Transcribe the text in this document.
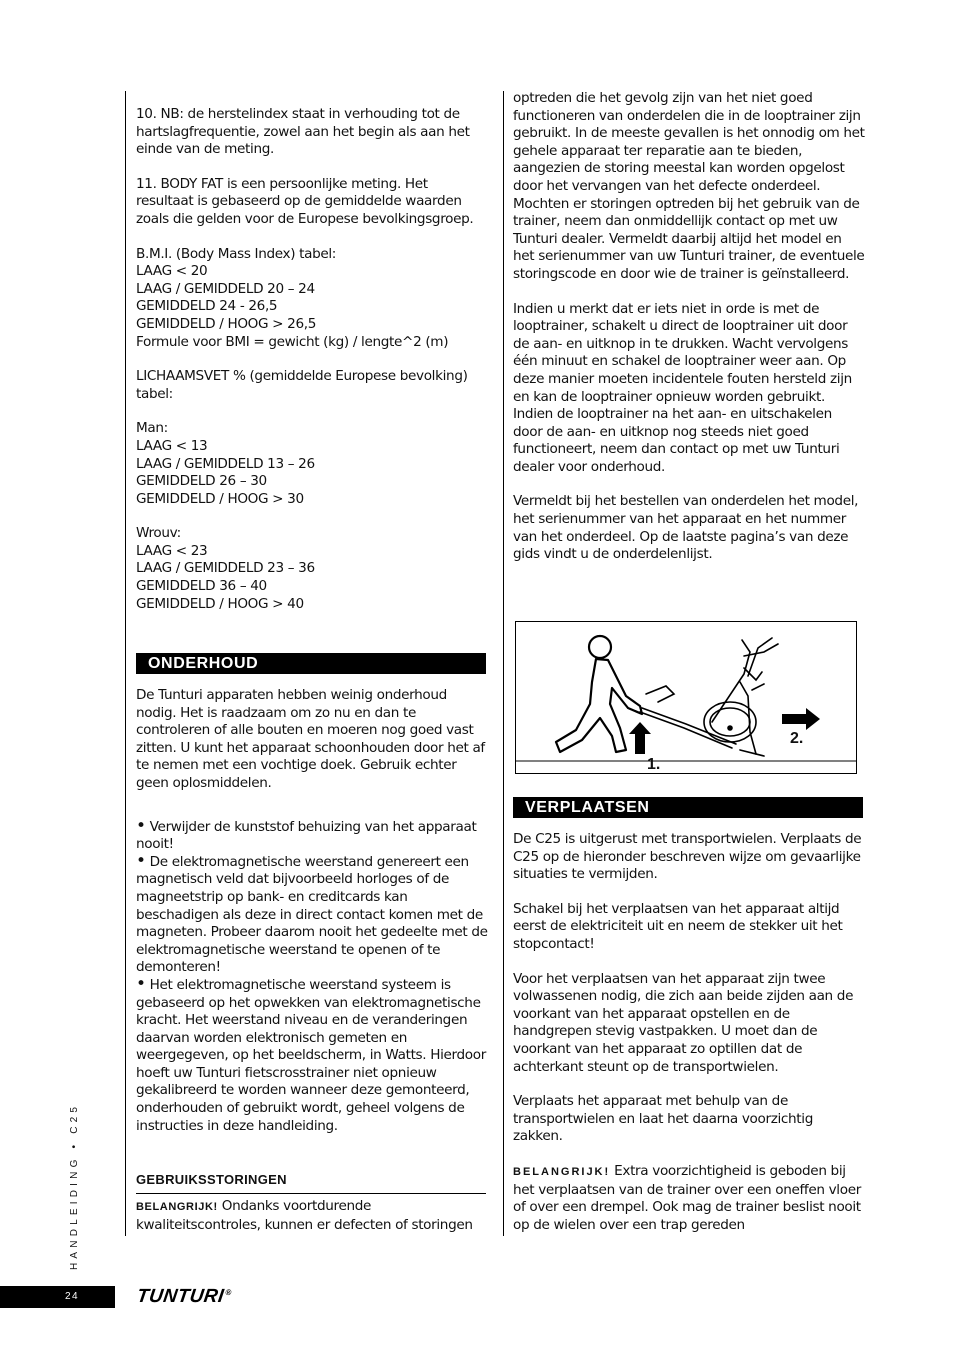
10. NB: de herstelindex staat in verhouding tot de hartslagfrequentie, zowel aan het begin als aan het einde van de meting.

11. BODY FAT is een persoonlijke meting. Het resultaat is gebaseerd op de gemiddelde waarden zoals die gelden voor de Europese bevolkingsgroep.

B.M.I. (Body Mass Index) tabel:
LAAG < 20
LAAG / GEMIDDELD 20 – 24
GEMIDDELD 24 - 26,5
GEMIDDELD / HOOG > 26,5
Formule voor BMI = gewicht (kg) / lengte^2 (m)

LICHAAMSVET % (gemiddelde Europese bevolking) tabel:

Man:
LAAG < 13
LAAG / GEMIDDELD 13 – 26
GEMIDDELD 26 – 30
GEMIDDELD / HOOG > 30

Wrouv:
LAAG < 23
LAAG / GEMIDDELD 23 – 36
GEMIDDELD 36 – 40
GEMIDDELD / HOOG > 40

ONDERHOUD

De Tunturi apparaten hebben weinig onderhoud nodig. Het is raadzaam om zo nu en dan te controleren of alle bouten en moeren nog goed vast zitten. U kunt het apparaat schoonhouden door het af te nemen met een vochtige doek. Gebruik echter geen oplosmiddelen.

• Verwijder de kunststof behuizing van het apparaat nooit!
• De elektromagnetische weerstand genereert een magnetisch veld dat bijvoorbeeld horloges of de magneetstrip op bank- en creditcards kan beschadigen als deze in direct contact komen met de magneten. Probeer daarom nooit het gedeelte met de elektromagnetische weerstand te openen of te demonteren!
• Het elektromagnetische weerstand systeem is gebaseerd op het opwekken van elektromagnetische kracht. Het weerstand niveau en de veranderingen daarvan worden elektronisch gemeten en weergegeven, op het beeldscherm, in Watts. Hierdoor hoeft uw Tunturi fietscrosstrainer niet opnieuw gekalibreerd te worden wanneer deze gemonteerd, onderhouden of gebruikt wordt, geheel volgens de instructies in deze handleiding.
GEBRUIKSSTORINGEN
BELANGRIJK! Ondanks voortdurende kwaliteitscontroles, kunnen er defecten of storingen

optreden die het gevolg zijn van het niet goed functioneren van onderdelen die in de looptrainer zijn gebruikt. In de meeste gevallen is het onnodig om het gehele apparaat ter reparatie aan te bieden, aangezien de storing meestal kan worden opgelost door het vervangen van het defecte onderdeel. Mochten er storingen optreden bij het gebruik van de trainer, neem dan onmiddellijk contact op met uw Tunturi dealer. Vermeldt daarbij altijd het model en het serienummer van uw Tunturi trainer, de eventuele storingscode en door wie de trainer is geïnstalleerd.

Indien u merkt dat er iets niet in orde is met de looptrainer, schakelt u direct de looptrainer uit door de aan- en uitknop in te drukken. Wacht vervolgens één minuut en schakel de looptrainer weer aan. Op deze manier moeten incidentele fouten hersteld zijn en kan de looptrainer opnieuw worden gebruikt. Indien de looptrainer na het aan- en uitschakelen door de aan- en uitknop nog steeds niet goed functioneert, neem dan contact op met uw Tunturi dealer voor onderhoud.

Vermeldt bij het bestellen van onderdelen het model, het serienummer van het apparaat en het nummer van het onderdeel. Op de laatste pagina’s van deze gids vindt u de onderdelenlijst.

1.
2.
VERPLAATSEN

De C25 is uitgerust met transportwielen. Verplaats de C25 op de hieronder beschreven wijze om gevaarlijke situaties te vermijden.

Schakel bij het verplaatsen van het apparaat altijd eerst de elektriciteit uit en neem de stekker uit het stopcontact!

Voor het verplaatsen van het apparaat zijn twee volwassenen nodig, die zich aan beide zijden aan de voorkant van het apparaat opstellen en de handgrepen stevig vastpakken. U moet dan de voorkant van het apparaat zo optillen dat de achterkant steunt op de transportwielen.

Verplaats het apparaat met behulp van de transportwielen en laat het daarna voorzichtig zakken.

BELANGRIJK! Extra voorzichtigheid is geboden bij het verplaatsen van de trainer over een oneffen vloer of over een drempel. Ook mag de trainer beslist nooit op de wielen over een trap gereden

HANDLEIDING • C25
24	TUNTURI®
